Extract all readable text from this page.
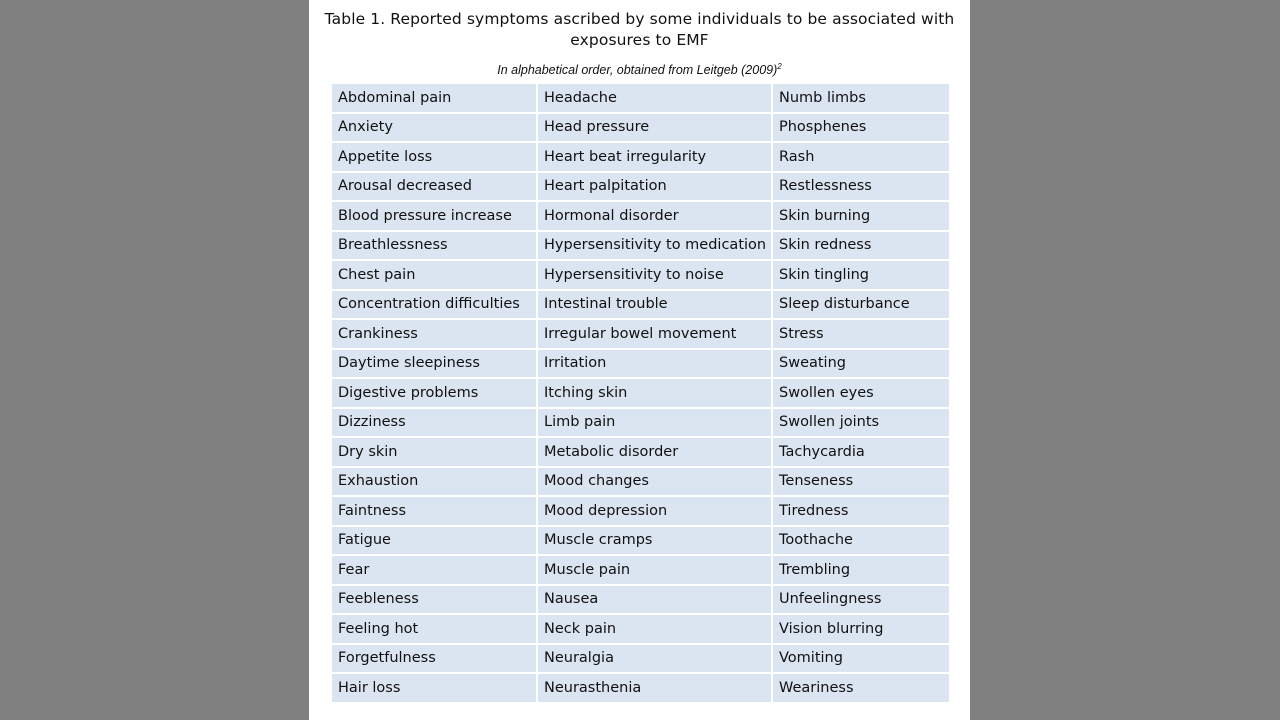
Table 1. Reported symptoms ascribed by some individuals to be associated with
exposures to EMF
In alphabetical order, obtained from Leitgeb $(2009)^2$
Abdominal pain	Headache	Numb limbs
Anxiety	Head pressure	Phosphenes
Appetite loss	Heart beat irregularity	Rash
Arousal decreased	Heart palpitation	Restlessness
Blood pressure increase	Hormonal disorder	Skin burning
Breathlessness	Hypersensitivity to medication	Skin redness
Chest pain	Hypersensitivity to noise	Skin tingling
Concentration difficulties	Intestinal trouble	Sleep disturbance
Crankiness	Irregular bowel movement	Stress
Daytime sleepiness	Irritation	Sweating
Digestive problems	Itching skin	Swollen eyes
Dizziness	Limb pain	Swollen joints
Dry skin	Metabolic disorder	Tachycardia
Exhaustion	Mood changes	Tenseness
Faintness	Mood depression	Tiredness
Fatigue	Muscle cramps	Toothache
Fear	Muscle pain	Trembling
Feebleness	Nausea	Unfeelingness
Feeling hot	Neck pain	Vision blurring
Forgetfulness	Neuralgia	Vomiting
Hair loss	Neurasthenia	Weariness
